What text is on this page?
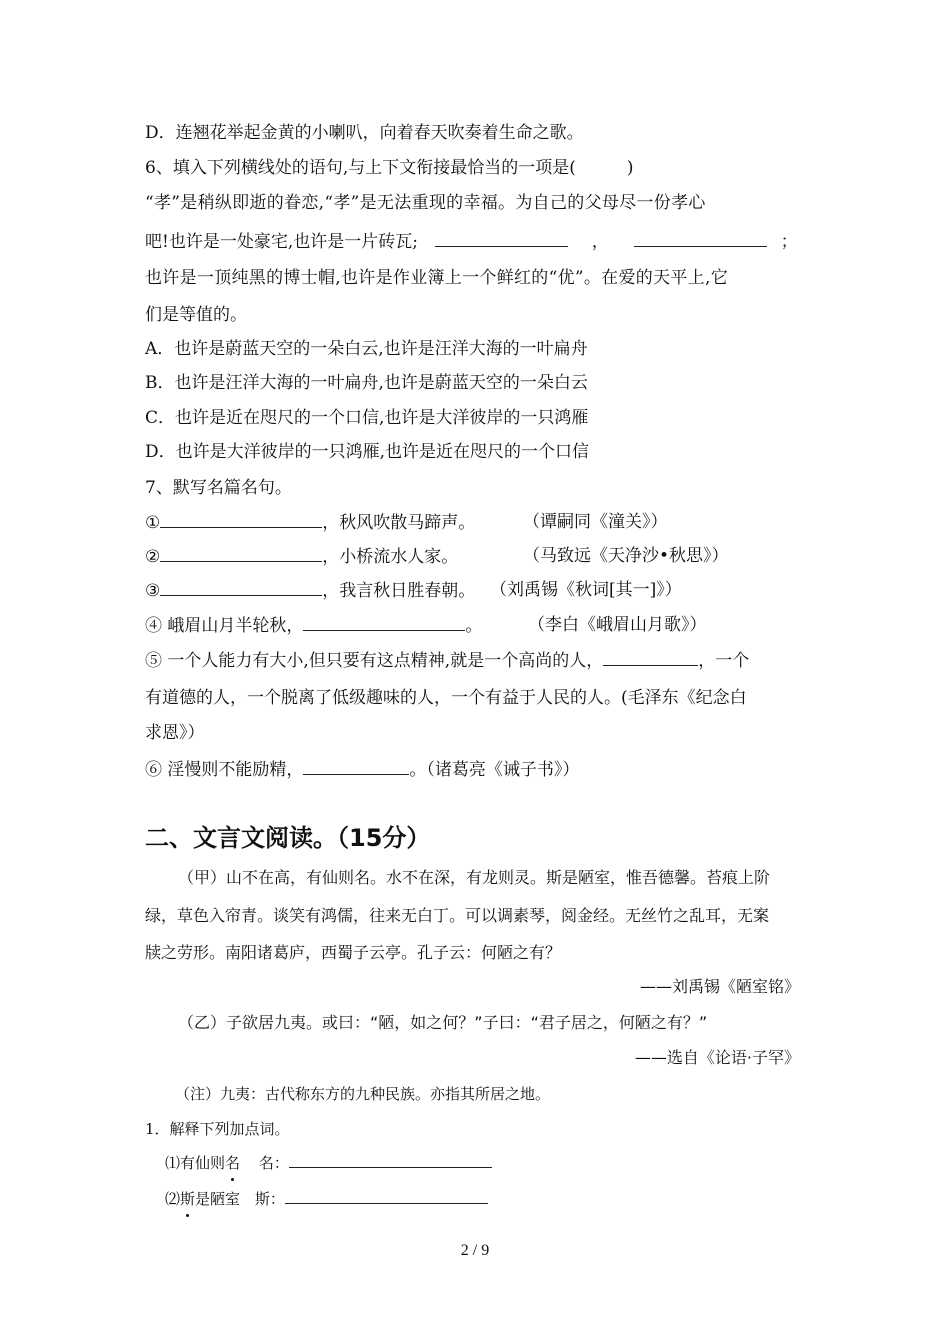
D．连翘花举起金黄的小喇叭，向着春天吹奏着生命之歌。
6、填入下列横线处的语句,与上下文衔接最恰当的一项是(　　　)
“孝”是稍纵即逝的眷恋,“孝”是无法重现的幸福。为自己的父母尽一份孝心
吧!也许是一处豪宅,也许是一片砖瓦;	，	；
也许是一顶纯黑的博士帽,也许是作业簿上一个鲜红的“优”。在爱的天平上,它
们是等值的。
A．也许是蔚蓝天空的一朵白云,也许是汪洋大海的一叶扁舟
B．也许是汪洋大海的一叶扁舟,也许是蔚蓝天空的一朵白云
C．也许是近在咫尺的一个口信,也许是大洋彼岸的一只鸿雁
D．也许是大洋彼岸的一只鸿雁,也许是近在咫尺的一个口信
7、默写名篇名句。
①	，秋风吹散马蹄声。	（谭嗣同《潼关》）
②	，小桥流水人家。	（马致远《天净沙•秋思》）
③	，我言秋日胜春朝。 （刘禹锡《秋词[其一]》）
④ 峨眉山月半轮秋，	。	（李白《峨眉山月歌》）
⑤ 一个人能力有大小,但只要有这点精神,就是一个高尚的人，	，一个
有道德的人，一个脱离了低级趣味的人，一个有益于人民的人。(毛泽东《纪念白
求恩》）
⑥ 淫慢则不能励精，	。（诸葛亮《诫子书》）
二、文言文阅读。（15分）
（甲）山不在高，有仙则名。水不在深，有龙则灵。斯是陋室，惟吾德馨。苔痕上阶
绿，草色入帘青。谈笑有鸿儒，往来无白丁。可以调素琴，阅金经。无丝竹之乱耳，无案
牍之劳形。南阳诸葛庐，西蜀子云亭。孔子云：何陋之有？
——刘禹锡《陋室铭》
（乙）子欲居九夷。或曰：“陋，如之何？”子曰：“君子居之，何陋之有？”
——选自《论语·子罕》
（注）九夷：古代称东方的九种民族。亦指其所居之地。
1．解释下列加点词。
⑴有仙则名 名：
⑵斯是陋室 斯：
2 / 9
